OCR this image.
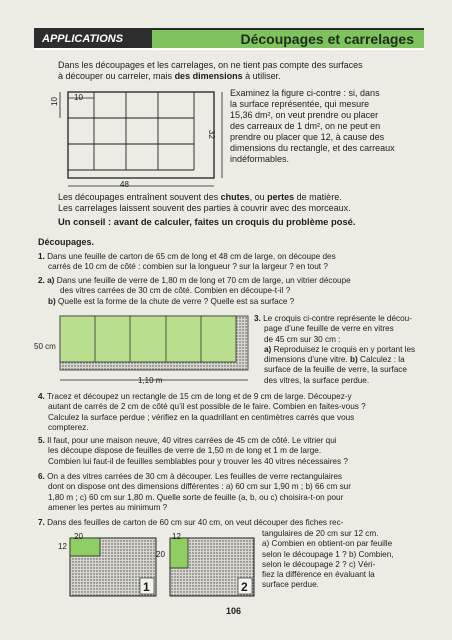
APPLICATIONS	Découpages et carrelages
Dans les découpages et les carrelages, on ne tient pas compte des surfaces
à découper ou carreler, mais des dimensions à utiliser.
48
32
10 10	Examinez la figure ci-contre : si, dans
la surface représentée, qui mesure
15,36 dm², on veut prendre ou placer
des carreaux de 1 dm², on ne peut en
prendre ou placer que 12, à cause des
dimensions du rectangle, et des carreaux
indéformables.
Les découpages entraînent souvent des chutes, ou pertes de matière.
Les carrelages laissent souvent des parties à couvrir avec des morceaux.
Un conseil : avant de calculer, faites un croquis du problème posé.
Découpages.
1. Dans une feuille de carton de 65 cm de long et 48 cm de large, on découpe des
carrés de 10 cm de côté : combien sur la longueur ? sur la largeur ? en tout ?
2. a) Dans une feuille de verre de 1,80 m de long et 70 cm de large, un vitrier découpe
des vitres carrées de 30 cm de côté. Combien en découpe-t-il ?
b) Quelle est la forme de la chute de verre ? Quelle est sa surface ?
50 cm
1,10 m
3. Le croquis ci-contre représente le décou-
page d’une feuille de verre en vitres
de 45 cm sur 30 cm :
a) Reproduisez le croquis en y portant les
dimensions d’une vitre. b) Calculez : la
surface de la feuille de verre, la surface
des vitres, la surface perdue.
4. Tracez et découpez un rectangle de 15 cm de long et de 9 cm de large. Découpez-y
autant de carrés de 2 cm de côté qu’il est possible de le faire. Combien en faites-vous ?
Calculez la surface perdue ; vérifiez en la quadrillant en centimètres carrés que vous
compterez.
5. Il faut, pour une maison neuve, 40 vitres carrées de 45 cm de côté. Le vitrier qui
les découpe dispose de feuilles de verre de 1,50 m de long et 1 m de large.
Combien lui faut-il de feuilles semblables pour y trouver les 40 vitres nécessaires ?
6. On a des vitres carrées de 30 cm à découper. Les feuilles de verre rectangulaires
dont on dispose ont des dimensions différentes : a) 60 cm sur 1,90 m ; b) 66 cm sur
1,80 m ; c) 60 cm sur 1,80 m. Quelle sorte de feuille (a, b, ou c) choisira-t-on pour
amener les pertes au minimum ?
7. Dans des feuilles de carton de 60 cm sur 40 cm, on veut découper des fiches rec-
tangulaires de 20 cm sur 12 cm.
a) Combien en obtient-on par feuille
selon le découpage 1 ? b) Combien,
selon le découpage 2 ? c) Véri-
fiez la différence en évaluant la
surface perdue.
12
20
1
20
12
2
106
